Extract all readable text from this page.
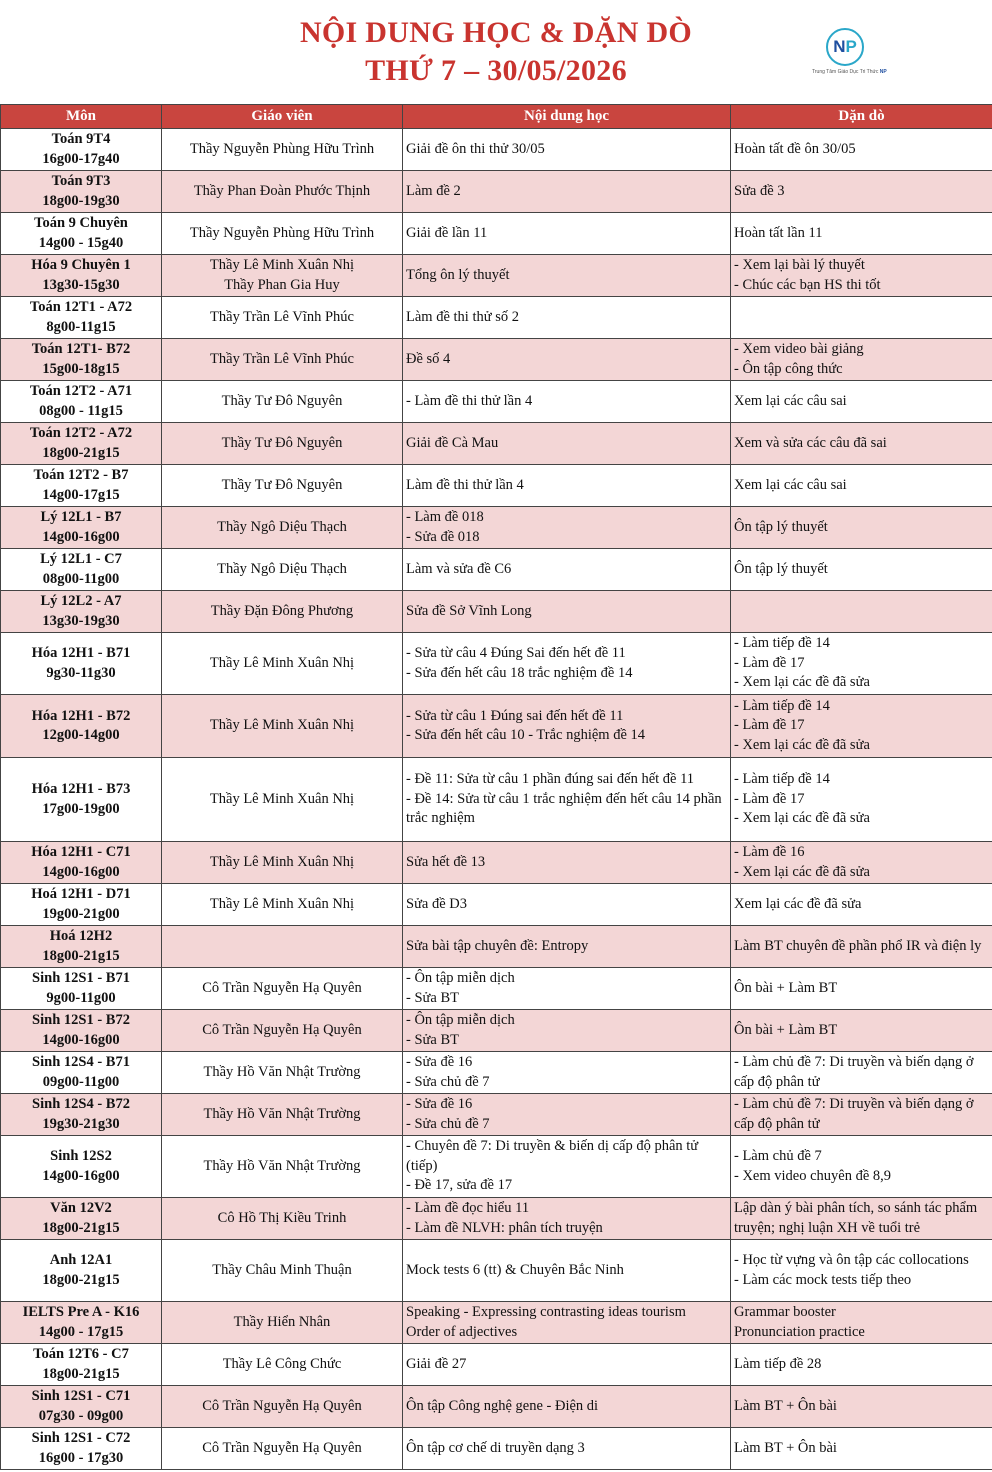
NỘI DUNG HỌC & DẶN DÒ
THỨ 7 – 30/05/2026
N P
Trung Tâm Giáo Dục Tri Thức NP
Môn	Giáo viên	Nội dung học	Dặn dò

Toán 9T4
16g00-17g40	Thầy Nguyễn Phùng Hữu Trình	Giải đề ôn thi thử 30/05	Hoàn tất đề ôn 30/05

Toán 9T3
18g00-19g30	Thầy Phan Đoàn Phước Thịnh	Làm đề 2	Sửa đề 3

Toán 9 Chuyên
14g00 - 15g40	Thầy Nguyễn Phùng Hữu Trình	Giải đề lần 11	Hoàn tất lần 11

Hóa 9 Chuyên 1
13g30-15g30	Thầy Lê Minh Xuân Nhị
Thầy Phan Gia Huy	Tổng ôn lý thuyết	- Xem lại bài lý thuyết
- Chúc các bạn HS thi tốt

Toán 12T1 - A72
8g00-11g15	Thầy Trần Lê Vĩnh Phúc	Làm đề thi thử số 2	

Toán 12T1- B72
15g00-18g15	Thầy Trần Lê Vĩnh Phúc	Đề số 4	- Xem video bài giảng
- Ôn tập công thức

Toán 12T2 - A71
08g00 - 11g15	Thầy Tư Đô Nguyên	- Làm đề thi thử lần 4	Xem lại các câu sai

Toán 12T2 - A72
18g00-21g15	Thầy Tư Đô Nguyên	Giải đề Cà Mau	Xem và sửa các câu đã sai

Toán 12T2 - B7
14g00-17g15	Thầy Tư Đô Nguyên	Làm đề thi thử lần 4	Xem lại các câu sai

Lý 12L1 - B7
14g00-16g00	Thầy Ngô Diệu Thạch	- Làm đề 018
- Sửa đề 018	Ôn tập lý thuyết

Lý 12L1 - C7
08g00-11g00	Thầy Ngô Diệu Thạch	Làm và sửa đề C6	Ôn tập lý thuyết

Lý 12L2 - A7
13g30-19g30	Thầy Đặn Đông Phương	Sửa đề Sở Vĩnh Long	

Hóa 12H1 - B71
9g30-11g30	Thầy Lê Minh Xuân Nhị	- Sửa từ câu 4 Đúng Sai đến hết đề 11
- Sửa đến hết câu 18 trắc nghiệm đề 14	- Làm tiếp đề 14
- Làm đề 17
- Xem lại các đề đã sửa

Hóa 12H1 - B72
12g00-14g00	Thầy Lê Minh Xuân Nhị	- Sửa từ câu 1 Đúng sai đến hết đề 11
- Sửa đến hết câu 10 - Trắc nghiệm đề 14	- Làm tiếp đề 14
- Làm đề 17
- Xem lại các đề đã sửa

Hóa 12H1 - B73
17g00-19g00	Thầy Lê Minh Xuân Nhị	- Đề 11: Sửa từ câu 1 phần đúng sai đến hết đề 11
- Đề 14: Sửa từ câu 1 trắc nghiệm đến hết câu 14 phần trắc nghiệm	- Làm tiếp đề 14
- Làm đề 17
- Xem lại các đề đã sửa

Hóa 12H1 - C71
14g00-16g00	Thầy Lê Minh Xuân Nhị	Sửa hết đề 13	- Làm đề 16
- Xem lại các đề đã sửa

Hoá 12H1 - D71
19g00-21g00	Thầy Lê Minh Xuân Nhị	Sửa đề D3	Xem lại các đề đã sửa

Hoá 12H2
18g00-21g15		Sửa bài tập chuyên đề: Entropy	Làm BT chuyên đề phần phổ IR và điện ly

Sinh 12S1 - B71
9g00-11g00	Cô Trần Nguyễn Hạ Quyên	- Ôn tập miễn dịch
- Sửa BT	Ôn bài + Làm BT

Sinh 12S1 - B72
14g00-16g00	Cô Trần Nguyễn Hạ Quyên	- Ôn tập miễn dịch
- Sửa BT	Ôn bài + Làm BT

Sinh 12S4 - B71
09g00-11g00	Thầy Hồ Văn Nhật Trường	- Sửa đề 16
- Sửa chủ đề 7	- Làm chủ đề 7: Di truyền và biến dạng ở cấp độ phân tử

Sinh 12S4 - B72
19g30-21g30	Thầy Hồ Văn Nhật Trường	- Sửa đề 16
- Sửa chủ đề 7	- Làm chủ đề 7: Di truyền và biến dạng ở cấp độ phân tử

Sinh 12S2
14g00-16g00	Thầy Hồ Văn Nhật Trường	- Chuyên đề 7: Di truyền & biến dị cấp độ phân tử (tiếp)
- Đề 17, sửa đề 17	- Làm chủ đề 7
- Xem video chuyên đề 8,9

Văn 12V2
18g00-21g15	Cô Hồ Thị Kiều Trinh	- Làm đề đọc hiểu 11
- Làm đề NLVH: phân tích truyện	Lập dàn ý bài phân tích, so sánh tác phẩm truyện; nghị luận XH về tuổi trẻ

Anh 12A1
18g00-21g15	Thầy Châu Minh Thuận	Mock tests 6 (tt) & Chuyên Bắc Ninh	- Học từ vựng và ôn tập các collocations
- Làm các mock tests tiếp theo

IELTS Pre A - K16
14g00 - 17g15	Thầy Hiển Nhân	Speaking - Expressing contrasting ideas tourism
Order of adjectives	Grammar booster
Pronunciation practice

Toán 12T6 - C7
18g00-21g15	Thầy Lê Công Chức	Giải đề 27	Làm tiếp đề 28

Sinh 12S1 - C71
07g30 - 09g00	Cô Trần Nguyễn Hạ Quyên	Ôn tập Công nghệ gene - Điện di	Làm BT + Ôn bài

Sinh 12S1 - C72
16g00 - 17g30	Cô Trần Nguyễn Hạ Quyên	Ôn tập cơ chế di truyền dạng 3	Làm BT + Ôn bài
